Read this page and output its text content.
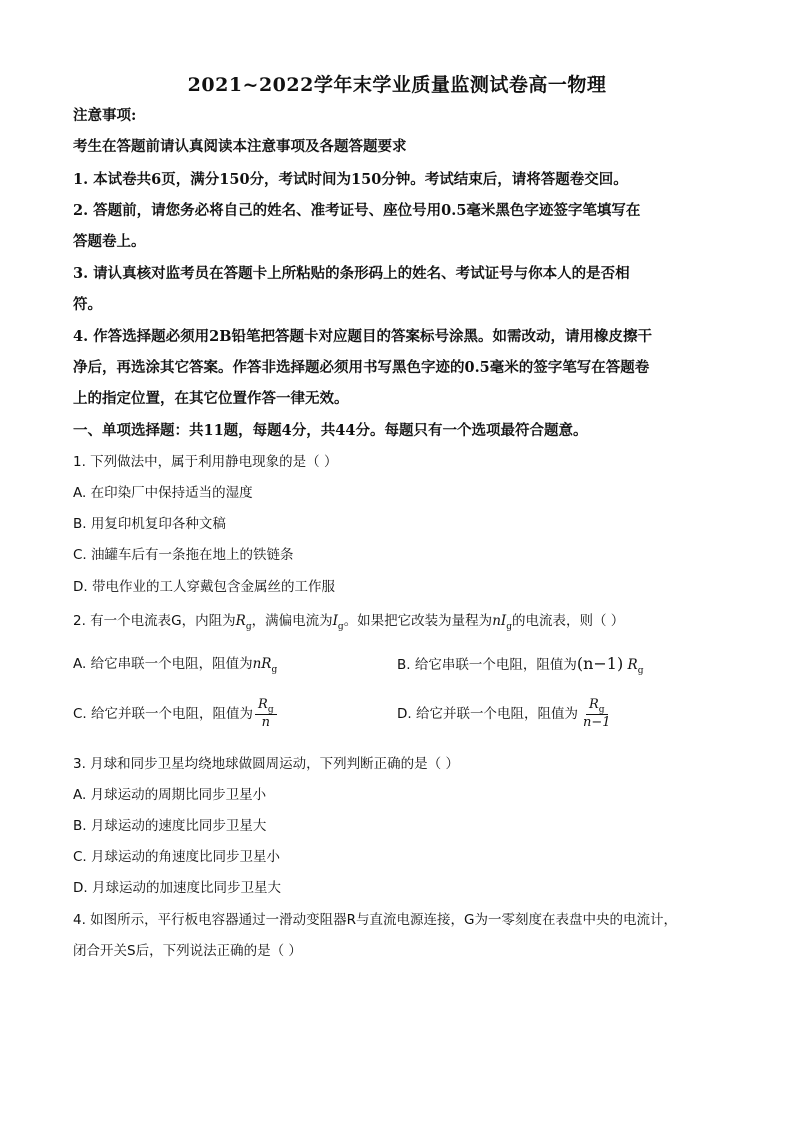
2021~2022学年末学业质量监测试卷高一物理
注意事项:
考生在答题前请认真阅读本注意事项及各题答题要求
1. 本试卷共6页，满分150分，考试时间为150分钟。考试结束后，请将答题卷交回。
2. 答题前，请您务必将自己的姓名、准考证号、座位号用0.5毫米黑色字迹签字笔填写在
答题卷上。
3. 请认真核对监考员在答题卡上所粘贴的条形码上的姓名、考试证号与你本人的是否相
符。
4. 作答选择题必须用2B铅笔把答题卡对应题目的答案标号涂黑。如需改动，请用橡皮擦干
净后，再选涂其它答案。作答非选择题必须用书写黑色字迹的0.5毫米的签字笔写在答题卷
上的指定位置，在其它位置作答一律无效。
一、单项选择题：共11题，每题4分，共44分。每题只有一个选项最符合题意。
1. 下列做法中，属于利用静电现象的是（ ）
A. 在印染厂中保持适当的湿度
B. 用复印机复印各种文稿
C. 油罐车后有一条拖在地上的铁链条
D. 带电作业的工人穿戴包含金属丝的工作服
2. 有一个电流表G，内阻为$R_g$，满偏电流为$I_g$。如果把它改装为量程为$nI_g$的电流表，则（ ）
A. 给它串联一个电阻，阻值为$nR_g$	B. 给它串联一个电阻，阻值为(n−1) $R_g$
C. 给它并联一个电阻，阻值为 $\frac{R_g}{n}$	D. 给它并联一个电阻，阻值为 $\frac{R_g}{n-1}$
3. 月球和同步卫星均绕地球做圆周运动，下列判断正确的是（ ）
A. 月球运动的周期比同步卫星小
B. 月球运动的速度比同步卫星大
C. 月球运动的角速度比同步卫星小
D. 月球运动的加速度比同步卫星大
4. 如图所示，平行板电容器通过一滑动变阻器R与直流电源连接，G为一零刻度在表盘中央的电流计，
闭合开关S后，下列说法正确的是（ ）
